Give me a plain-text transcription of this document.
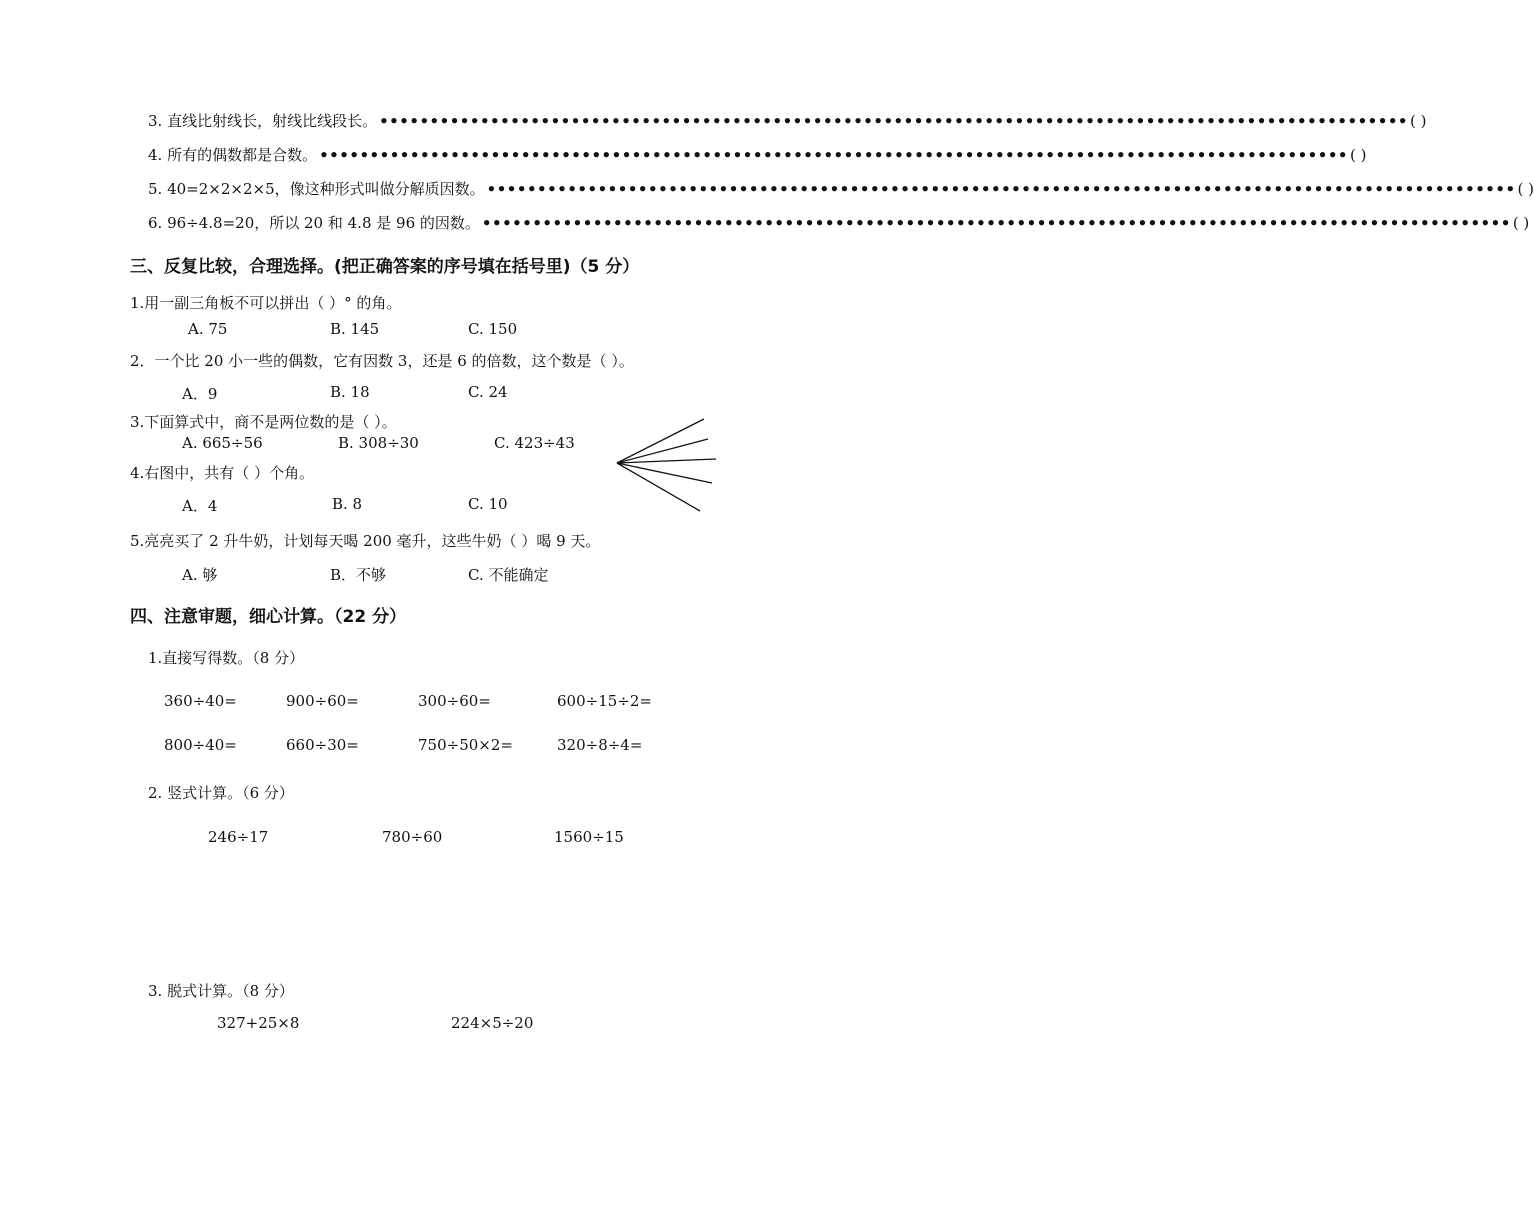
3. 直线比射线长，射线比线段长。 •••••••••••••••••••••••••••••••••••••••••••••••••••••••••••••••••••••••••••••••••••••••••••••••••••••• ( )
4. 所有的偶数都是合数。 •••••••••••••••••••••••••••••••••••••••••••••••••••••••••••••••••••••••••••••••••••••••••••••••••••••• ( )
5. 40=2×2×2×5，像这种形式叫做分解质因数。 •••••••••••••••••••••••••••••••••••••••••••••••••••••••••••••••••••••••••••••••••••••••••••••••••••••• ( )
6. 96÷4.8=20，所以 20 和 4.8 是 96 的因数。 •••••••••••••••••••••••••••••••••••••••••••••••••••••••••••••••••••••••••••••••••••••••••••••••••••••• ( )
三、反复比较，合理选择。(把正确答案的序号填在括号里)（5 分）
1.用一副三角板不可以拼出（ ）° 的角。
A. 75	B. 145	C. 150
2．一个比 20 小一些的偶数，它有因数 3，还是 6 的倍数，这个数是（ ）。
A．9	B. 18	C. 24
3.下面算式中，商不是两位数的是（ ）。
A. 665÷56	B. 308÷30	C. 423÷43
4.右图中，共有（ ）个角。
A．4	B. 8	C. 10
5.亮亮买了 2 升牛奶，计划每天喝 200 毫升，这些牛奶（ ）喝 9 天。
A. 够	B．不够	C. 不能确定
四、注意审题，细心计算。（22 分）
1.直接写得数。（8 分）
360÷40=	900÷60=	300÷60=	600÷15÷2=
800÷40=	660÷30=	750÷50×2=	320÷8÷4=
2. 竖式计算。（6 分）
246÷17	780÷60	1560÷15
3. 脱式计算。（8 分）
327+25×8	224×5÷20
